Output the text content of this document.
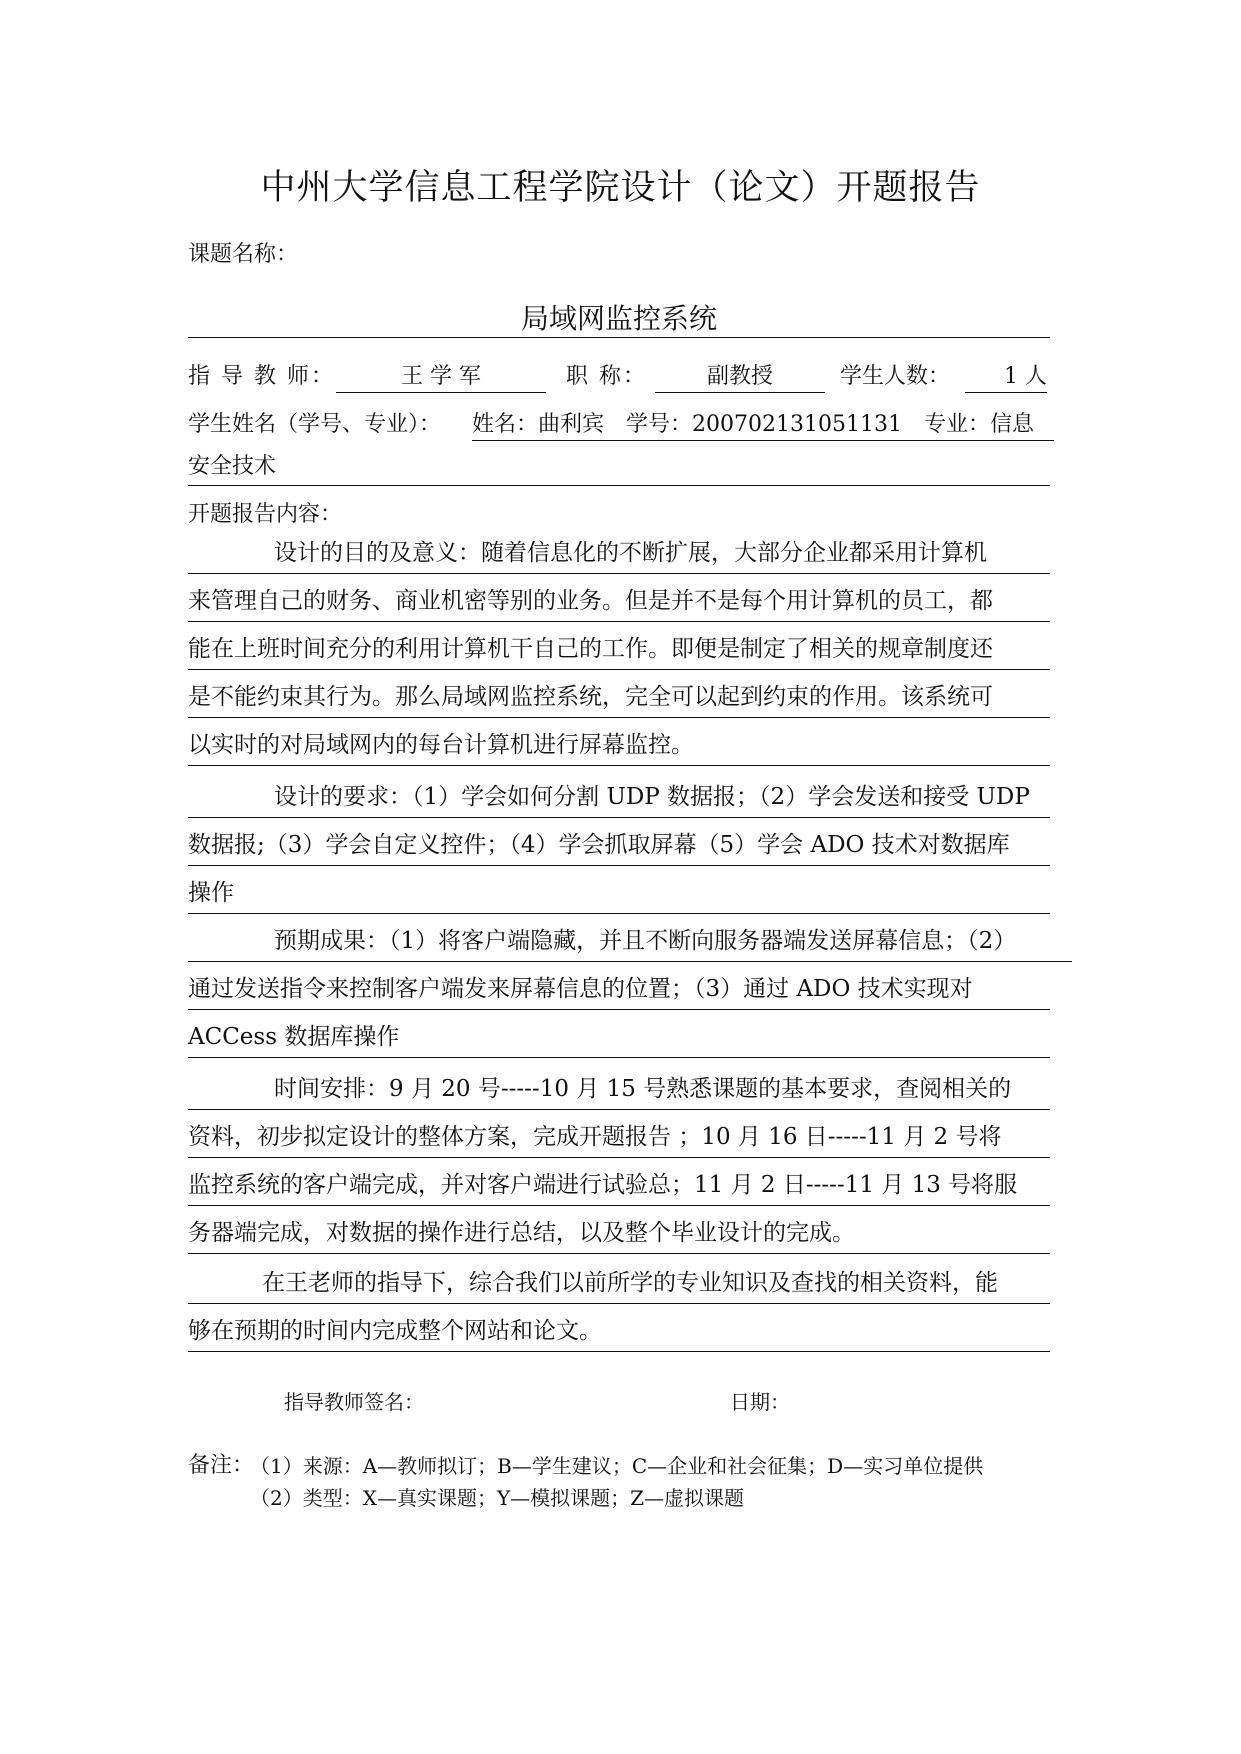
中州大学信息工程学院设计（论文）开题报告
课题名称：
局域网监控系统
指 导 教 师：	王 学 军	职 称：	副教授	学生人数：	1 人
学生姓名（学号、专业）： 姓名：曲利宾　学号：200702131051131　专业：信息
安全技术
开题报告内容：
设计的目的及意义：随着信息化的不断扩展，大部分企业都采用计算机
来管理自己的财务、商业机密等别的业务。但是并不是每个用计算机的员工，都
能在上班时间充分的利用计算机干自己的工作。即便是制定了相关的规章制度还
是不能约束其行为。那么局域网监控系统，完全可以起到约束的作用。该系统可
以实时的对局域网内的每台计算机进行屏幕监控。
设计的要求：（1）学会如何分割 UDP 数据报；（2）学会发送和接受 UDP
数据报;（3）学会自定义控件；（4）学会抓取屏幕（5）学会 ADO 技术对数据库
操作
预期成果：（1）将客户端隐藏，并且不断向服务器端发送屏幕信息；（2）
通过发送指令来控制客户端发来屏幕信息的位置；（3）通过 ADO 技术实现对
ACCess 数据库操作
时间安排：9 月 20 号-----10 月 15 号熟悉课题的基本要求，查阅相关的
资料，初步拟定设计的整体方案，完成开题报告 ；10 月 16 日-----11 月 2 号将
监控系统的客户端完成，并对客户端进行试验总；11 月 2 日-----11 月 13 号将服
务器端完成，对数据的操作进行总结，以及整个毕业设计的完成。
在王老师的指导下，综合我们以前所学的专业知识及查找的相关资料，能
够在预期的时间内完成整个网站和论文。
指导教师签名：	日期：
备注：
（1）来源：A—教师拟订；B—学生建议；C—企业和社会征集；D—实习单位提供
（2）类型：X—真实课题；Y—模拟课题；Z—虚拟课题
